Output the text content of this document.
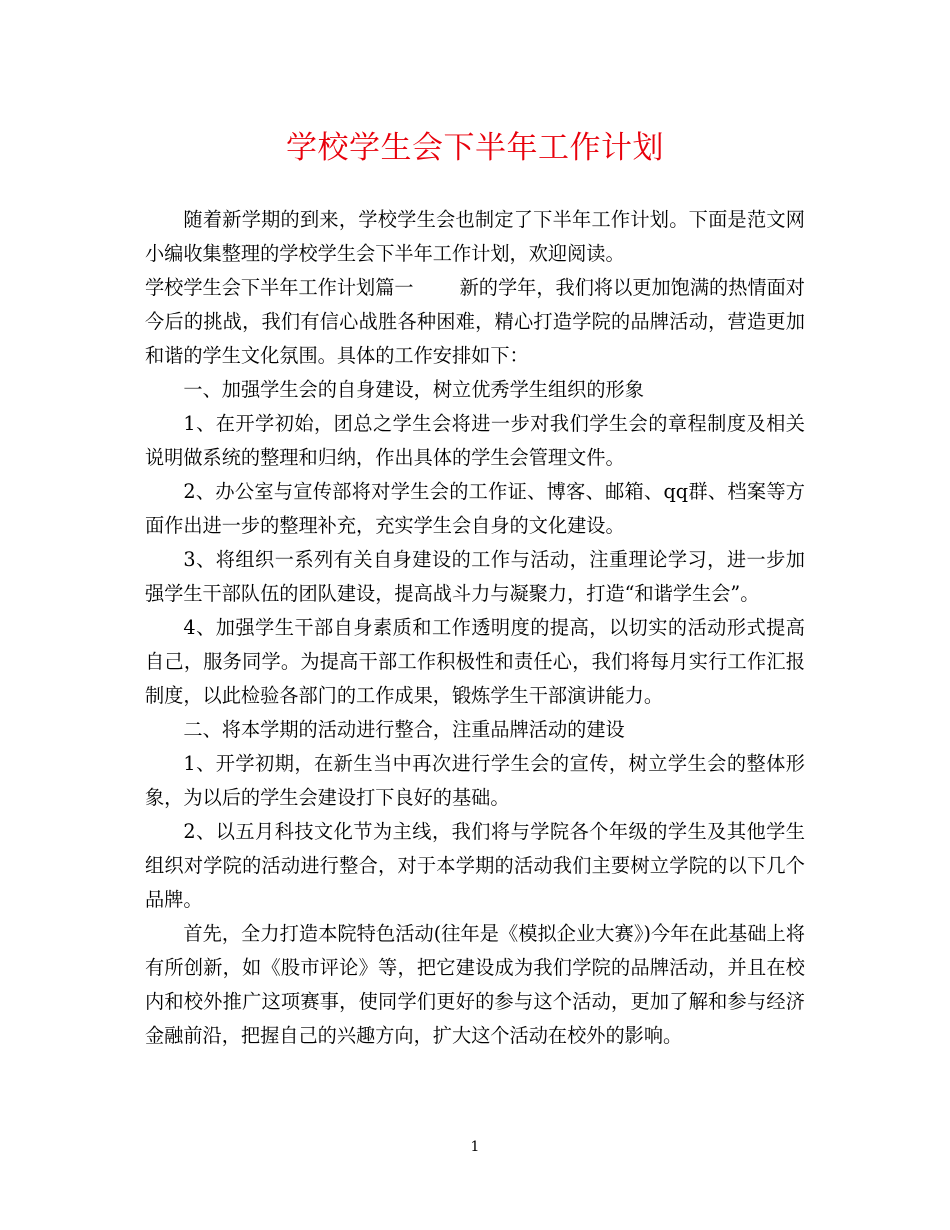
学校学生会下半年工作计划

随着新学期的到来，学校学生会也制定了下半年工作计划。下面是范文网小编收集整理的学校学生会下半年工作计划，欢迎阅读。

学校学生会下半年工作计划篇一 新的学年，我们将以更加饱满的热情面对今后的挑战，我们有信心战胜各种困难，精心打造学院的品牌活动，营造更加和谐的学生文化氛围。具体的工作安排如下：

一、加强学生会的自身建设，树立优秀学生组织的形象

1、在开学初始，团总之学生会将进一步对我们学生会的章程制度及相关说明做系统的整理和归纳，作出具体的学生会管理文件。

2、办公室与宣传部将对学生会的工作证、博客、邮箱、qq群、档案等方面作出进一步的整理补充，充实学生会自身的文化建设。

3、将组织一系列有关自身建设的工作与活动，注重理论学习，进一步加强学生干部队伍的团队建设，提高战斗力与凝聚力，打造“和谐学生会”。

4、加强学生干部自身素质和工作透明度的提高，以切实的活动形式提高自己，服务同学。为提高干部工作积极性和责任心，我们将每月实行工作汇报制度，以此检验各部门的工作成果，锻炼学生干部演讲能力。

二、将本学期的活动进行整合，注重品牌活动的建设

1、开学初期，在新生当中再次进行学生会的宣传，树立学生会的整体形象，为以后的学生会建设打下良好的基础。

2、以五月科技文化节为主线，我们将与学院各个年级的学生及其他学生组织对学院的活动进行整合，对于本学期的活动我们主要树立学院的以下几个品牌。

首先，全力打造本院特色活动(往年是《模拟企业大赛》)今年在此基础上将有所创新，如《股市评论》等，把它建设成为我们学院的品牌活动，并且在校内和校外推广这项赛事，使同学们更好的参与这个活动，更加了解和参与经济金融前沿，把握自己的兴趣方向，扩大这个活动在校外的影响。

1
